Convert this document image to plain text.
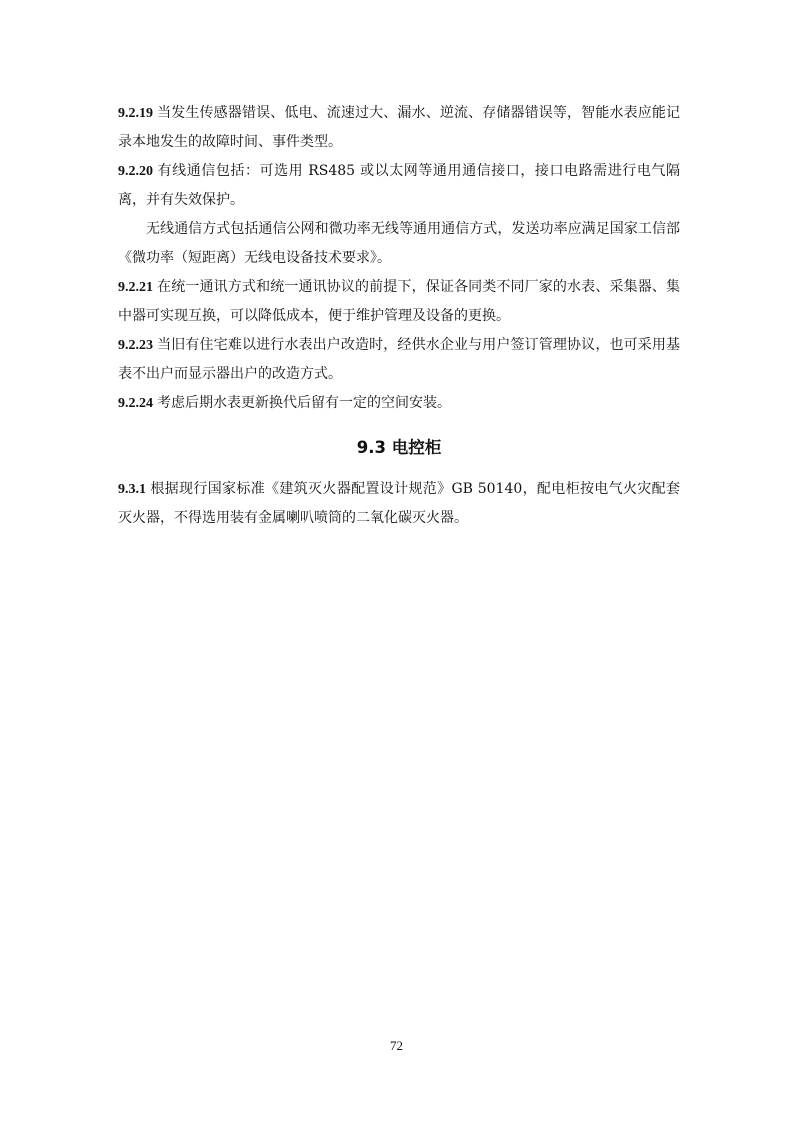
9.2.19 当发生传感器错误、低电、流速过大、漏水、逆流、存储器错误等，智能水表应能记录本地发生的故障时间、事件类型。

9.2.20 有线通信包括：可选用 RS485 或以太网等通用通信接口，接口电路需进行电气隔离，并有失效保护。

无线通信方式包括通信公网和微功率无线等通用通信方式，发送功率应满足国家工信部《微功率（短距离）无线电设备技术要求》。

9.2.21 在统一通讯方式和统一通讯协议的前提下，保证各同类不同厂家的水表、采集器、集中器可实现互换，可以降低成本，便于维护管理及设备的更换。

9.2.23 当旧有住宅难以进行水表出户改造时，经供水企业与用户签订管理协议，也可采用基表不出户而显示器出户的改造方式。

9.2.24 考虑后期水表更新换代后留有一定的空间安装。

9.3 电控柜

9.3.1 根据现行国家标准《建筑灭火器配置设计规范》GB 50140，配电柜按电气火灾配套灭火器，不得选用装有金属喇叭喷筒的二氧化碳灭火器。

72
